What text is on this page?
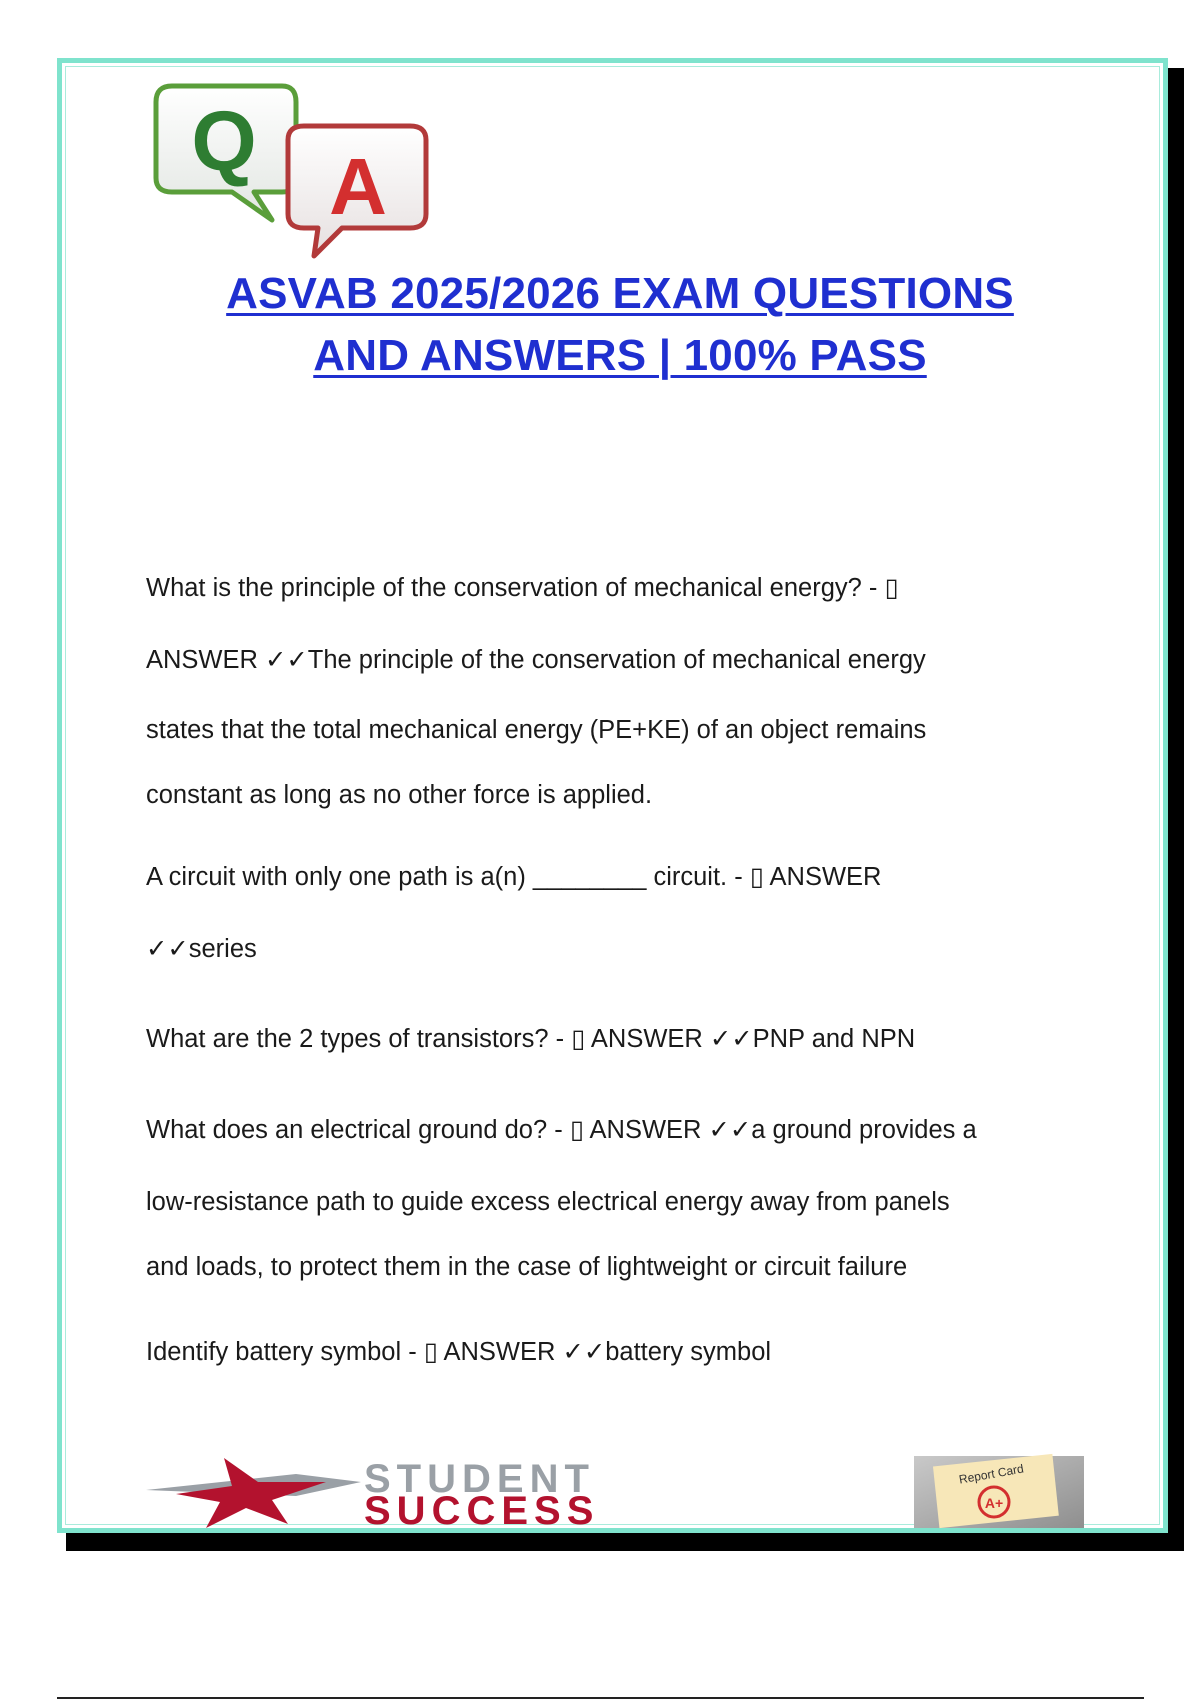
Q A
ASVAB 2025/2026 EXAM QUESTIONS
AND ANSWERS | 100% PASS
What is the principle of the conservation of mechanical energy? - ▯
ANSWER ✓✓The principle of the conservation of mechanical energy
states that the total mechanical energy (PE+KE) of an object remains
constant as long as no other force is applied.
A circuit with only one path is a(n) ________ circuit. - ▯ ANSWER
✓✓series
What are the 2 types of transistors? - ▯ ANSWER ✓✓PNP and NPN
What does an electrical ground do? - ▯ ANSWER ✓✓a ground provides a
low-resistance path to guide excess electrical energy away from panels
and loads, to protect them in the case of lightweight or circuit failure
Identify battery symbol - ▯ ANSWER ✓✓battery symbol
STUDENT
SUCCESS
Report Card
A+
